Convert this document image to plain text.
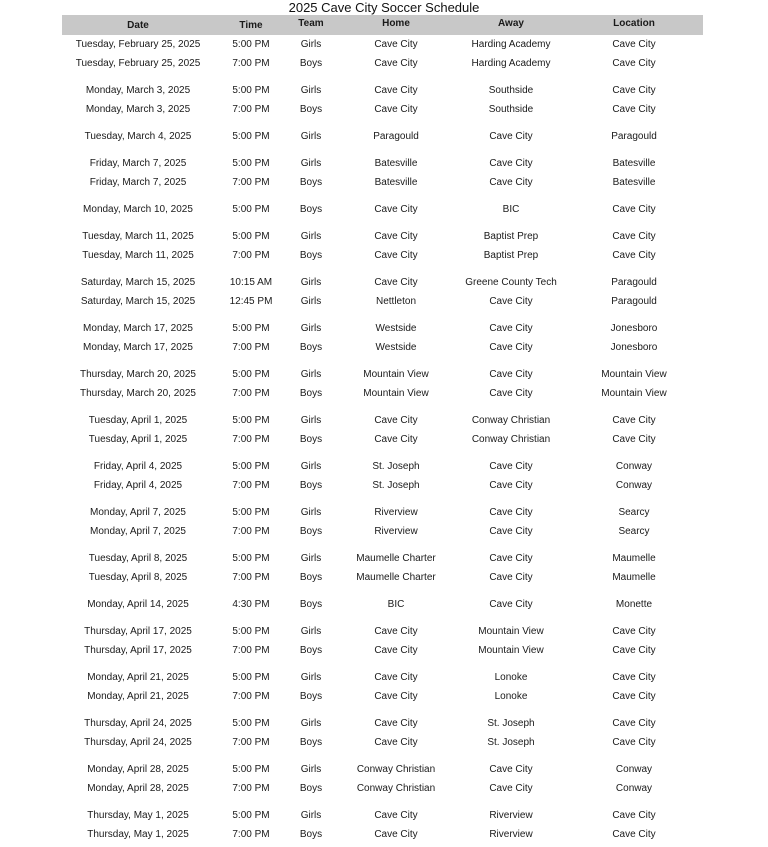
2025 Cave City Soccer Schedule
Date	Time	Team	Home	Away	Location
Tuesday, February 25, 2025	5:00 PM	Girls	Cave City	Harding Academy	Cave City
Tuesday, February 25, 2025	7:00 PM	Boys	Cave City	Harding Academy	Cave City
Monday, March 3, 2025	5:00 PM	Girls	Cave City	Southside	Cave City
Monday, March 3, 2025	7:00 PM	Boys	Cave City	Southside	Cave City
Tuesday, March 4, 2025	5:00 PM	Girls	Paragould	Cave City	Paragould
Friday, March 7, 2025	5:00 PM	Girls	Batesville	Cave City	Batesville
Friday, March 7, 2025	7:00 PM	Boys	Batesville	Cave City	Batesville
Monday, March 10, 2025	5:00 PM	Boys	Cave City	BIC	Cave City
Tuesday, March 11, 2025	5:00 PM	Girls	Cave City	Baptist Prep	Cave City
Tuesday, March 11, 2025	7:00 PM	Boys	Cave City	Baptist Prep	Cave City
Saturday, March 15, 2025	10:15 AM	Girls	Cave City	Greene County Tech	Paragould
Saturday, March 15, 2025	12:45 PM	Girls	Nettleton	Cave City	Paragould
Monday, March 17, 2025	5:00 PM	Girls	Westside	Cave City	Jonesboro
Monday, March 17, 2025	7:00 PM	Boys	Westside	Cave City	Jonesboro
Thursday, March 20, 2025	5:00 PM	Girls	Mountain View	Cave City	Mountain View
Thursday, March 20, 2025	7:00 PM	Boys	Mountain View	Cave City	Mountain View
Tuesday, April 1, 2025	5:00 PM	Girls	Cave City	Conway Christian	Cave City
Tuesday, April 1, 2025	7:00 PM	Boys	Cave City	Conway Christian	Cave City
Friday, April 4, 2025	5:00 PM	Girls	St. Joseph	Cave City	Conway
Friday, April 4, 2025	7:00 PM	Boys	St. Joseph	Cave City	Conway
Monday, April 7, 2025	5:00 PM	Girls	Riverview	Cave City	Searcy
Monday, April 7, 2025	7:00 PM	Boys	Riverview	Cave City	Searcy
Tuesday, April 8, 2025	5:00 PM	Girls	Maumelle Charter	Cave City	Maumelle
Tuesday, April 8, 2025	7:00 PM	Boys	Maumelle Charter	Cave City	Maumelle
Monday, April 14, 2025	4:30 PM	Boys	BIC	Cave City	Monette
Thursday, April 17, 2025	5:00 PM	Girls	Cave City	Mountain View	Cave City
Thursday, April 17, 2025	7:00 PM	Boys	Cave City	Mountain View	Cave City
Monday, April 21, 2025	5:00 PM	Girls	Cave City	Lonoke	Cave City
Monday, April 21, 2025	7:00 PM	Boys	Cave City	Lonoke	Cave City
Thursday, April 24, 2025	5:00 PM	Girls	Cave City	St. Joseph	Cave City
Thursday, April 24, 2025	7:00 PM	Boys	Cave City	St. Joseph	Cave City
Monday, April 28, 2025	5:00 PM	Girls	Conway Christian	Cave City	Conway
Monday, April 28, 2025	7:00 PM	Boys	Conway Christian	Cave City	Conway
Thursday, May 1, 2025	5:00 PM	Girls	Cave City	Riverview	Cave City
Thursday, May 1, 2025	7:00 PM	Boys	Cave City	Riverview	Cave City
